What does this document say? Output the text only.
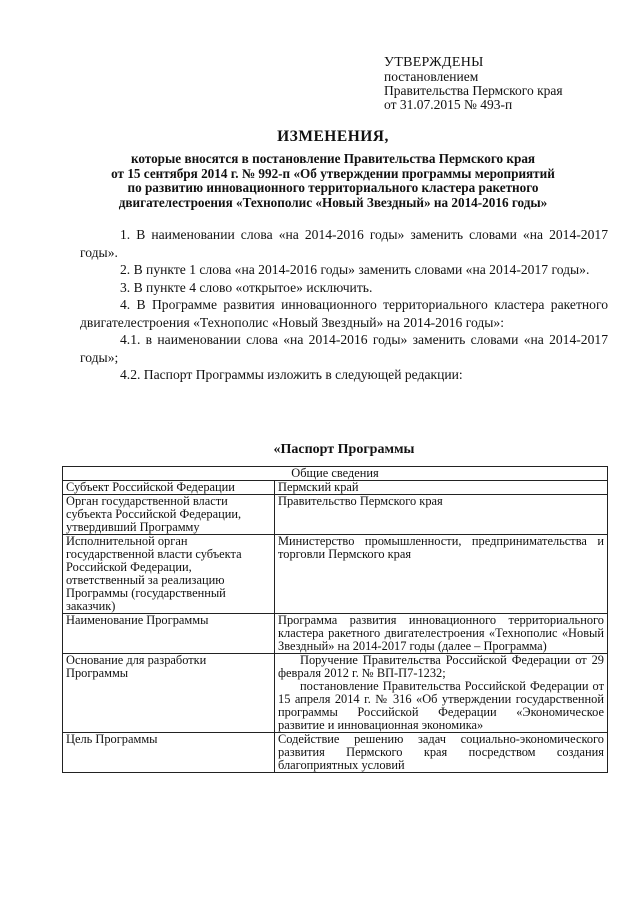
УТВЕРЖДЕНЫ
постановлением
Правительства Пермского края
от 31.07.2015 № 493-п
ИЗМЕНЕНИЯ,
которые вносятся в постановление Правительства Пермского края
от 15 сентября 2014 г. № 992-п «Об утверждении программы мероприятий
по развитию инновационного территориального кластера ракетного
двигателестроения «Технополис «Новый Звездный» на 2014-2016 годы»

1. В наименовании слова «на 2014-2016 годы» заменить словами «на 2014-2017 годы».

2. В пункте 1 слова «на 2014-2016 годы» заменить словами «на 2014-2017 годы».

3. В пункте 4 слово «открытое» исключить.

4. В Программе развития инновационного территориального кластера ракетного двигателестроения «Технополис «Новый Звездный» на 2014-2016 годы»:

4.1. в наименовании слова «на 2014-2016 годы» заменить словами «на 2014-2017 годы»;

4.2. Паспорт Программы изложить в следующей редакции:

«Паспорт Программы
Общие сведения	
Субъект Российской Федерации	Пермский край
Орган государственной власти субъекта Российской Федерации, утвердивший Программу	Правительство Пермского края
Исполнительной орган государственной власти субъекта Российской Федерации, ответственный за реализацию Программы (государственный заказчик)	Министерство промышленности, предпринимательства и торговли Пермского края
Наименование Программы	Программа развития инновационного территориального кластера ракетного двигателестроения «Технополис «Новый Звездный» на 2014-2017 годы (далее – Программа)
Основание для разработки Программы	Поручение Правительства Российской Федерации от 29 февраля 2012 г. № ВП-П7-1232;
постановление Правительства Российской Федерации от 15 апреля 2014 г. № 316 «Об утверждении государственной программы Российской Федерации «Экономическое развитие и инновационная экономика»

Цель Программы	Содействие решению задач социально-экономического развития Пермского края посредством создания благоприятных условий
